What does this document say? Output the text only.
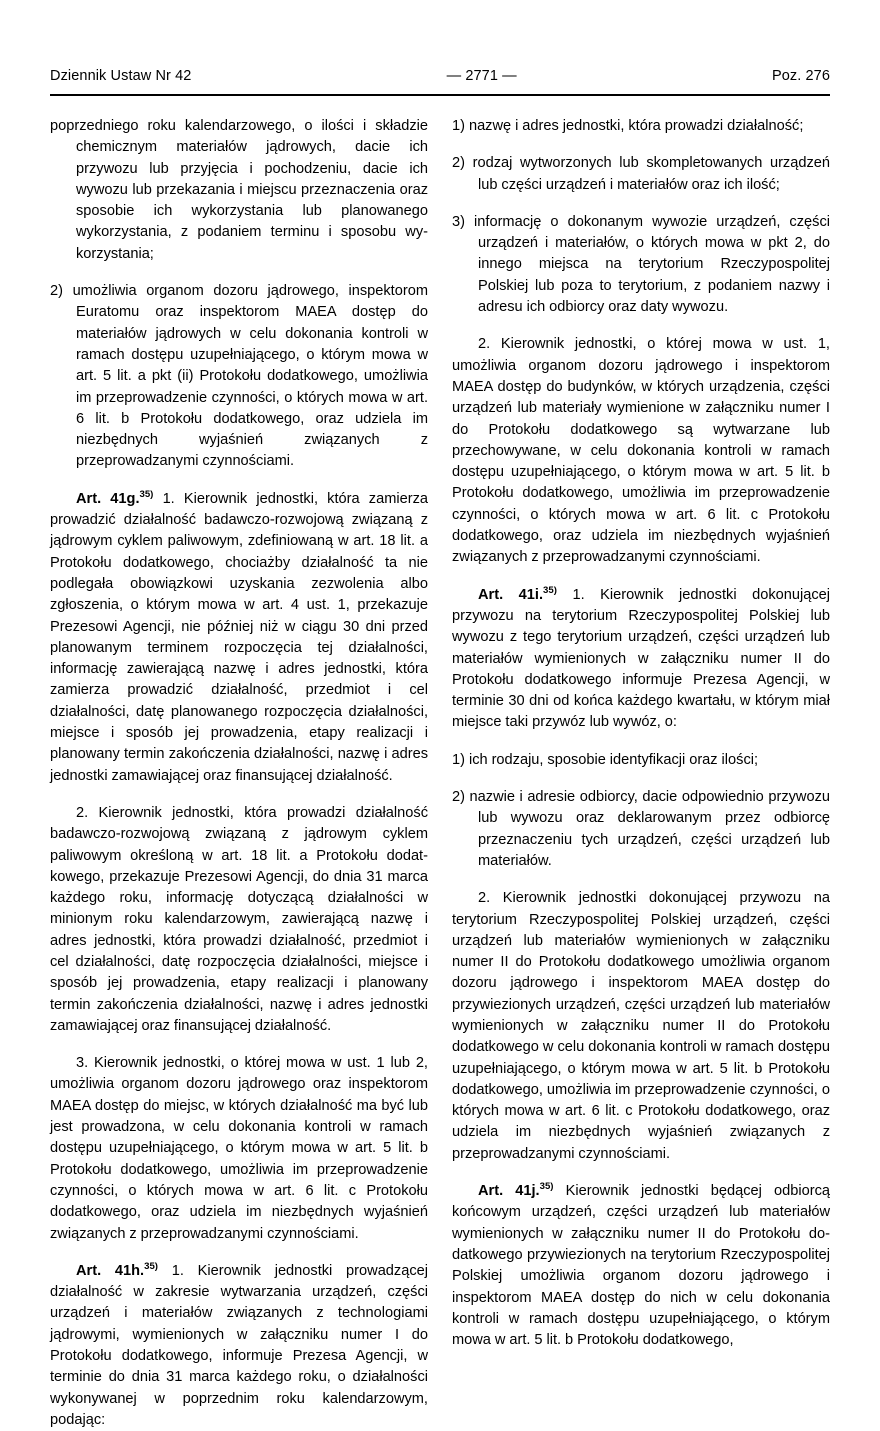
Dziennik Ustaw Nr 42	— 2771 —	Poz. 276

poprzedniego roku kalendarzowego, o ilości i składzie chemicznym materiałów jądrowych, dacie ich przywozu lub przyjęcia i pochodzeniu, dacie ich wywozu lub przekazania i miejscu przeznaczenia oraz sposobie ich wykorzystania lub planowanego wykorzystania, z podaniem terminu i sposobu wykorzystania;

2) umożliwia organom dozoru jądrowego, inspektorom Euratomu oraz inspektorom MAEA dostęp do materiałów jądrowych w celu dokonania kontroli w ramach dostępu uzupełniającego, o którym mowa w art. 5 lit. a pkt (ii) Protokołu dodatkowego, umożliwia im przeprowadzenie czynności, o których mowa w art. 6 lit. b Protokołu dodatkowego, oraz udziela im niezbędnych wyjaśnień związanych z przeprowadzanymi czynnościami.

Art. 41g.$^{35)}$ 1. Kierownik jednostki, która zamierza prowadzić działalność badawczo-rozwojową związaną z jądrowym cyklem paliwowym, zdefiniowaną w art. 18 lit. a Protokołu dodatkowego, chociażby działalność ta nie podlegała obowiązkowi uzyskania zezwolenia albo zgłoszenia, o którym mowa w art. 4 ust. 1, przekazuje Prezesowi Agencji, nie później niż w ciągu 30 dni przed planowanym terminem rozpoczęcia tej działalności, informację zawierającą nazwę i adres jednostki, która zamierza prowadzić działalność, przedmiot i cel działalności, datę planowanego rozpoczęcia działalności, miejsce i sposób jej prowadzenia, etapy realizacji i planowany termin zakończenia działalności, nazwę i adres jednostki zamawiającej oraz finansującej działalność.

2. Kierownik jednostki, która prowadzi działalność badawczo-rozwojową związaną z jądrowym cyklem paliwowym określoną w art. 18 lit. a Protokołu dodatkowego, przekazuje Prezesowi Agencji, do dnia 31 marca każdego roku, informację dotyczącą działalności w minionym roku kalendarzowym, zawierającą nazwę i adres jednostki, która prowadzi działalność, przedmiot i cel działalności, datę rozpoczęcia działalności, miejsce i sposób jej prowadzenia, etapy realizacji i planowany termin zakończenia działalności, nazwę i adres jednostki zamawiającej oraz finansującej działalność.

3. Kierownik jednostki, o której mowa w ust. 1 lub 2, umożliwia organom dozoru jądrowego oraz inspektorom MAEA dostęp do miejsc, w których działalność ma być lub jest prowadzona, w celu dokonania kontroli w ramach dostępu uzupełniającego, o którym mowa w art. 5 lit. b Protokołu dodatkowego, umożliwia im przeprowadzenie czynności, o których mowa w art. 6 lit. c Protokołu dodatkowego, oraz udziela im niezbędnych wyjaśnień związanych z przeprowadzanymi czynnościami.

Art. 41h.$^{35)}$ 1. Kierownik jednostki prowadzącej działalność w zakresie wytwarzania urządzeń, części urządzeń i materiałów związanych z technologiami jądrowymi, wymienionych w załączniku numer I do Protokołu dodatkowego, informuje Prezesa Agencji, w terminie do dnia 31 marca każdego roku, o działalności wykonywanej w poprzednim roku kalendarzowym, podając:

1) nazwę i adres jednostki, która prowadzi działalność;

2) rodzaj wytworzonych lub skompletowanych urządzeń lub części urządzeń i materiałów oraz ich ilość;

3) informację o dokonanym wywozie urządzeń, części urządzeń i materiałów, o których mowa w pkt 2, do innego miejsca na terytorium Rzeczypospolitej Polskiej lub poza to terytorium, z podaniem nazwy i adresu ich odbiorcy oraz daty wywozu.

2. Kierownik jednostki, o której mowa w ust. 1, umożliwia organom dozoru jądrowego i inspektorom MAEA dostęp do budynków, w których urządzenia, części urządzeń lub materiały wymienione w załączniku numer I do Protokołu dodatkowego są wytwarzane lub przechowywane, w celu dokonania kontroli w ramach dostępu uzupełniającego, o którym mowa w art. 5 lit. b Protokołu dodatkowego, umożliwia im przeprowadzenie czynności, o których mowa w art. 6 lit. c Protokołu dodatkowego, oraz udziela im niezbędnych wyjaśnień związanych z przeprowadzanymi czynnościami.

Art. 41i.$^{35)}$ 1. Kierownik jednostki dokonującej przywozu na terytorium Rzeczypospolitej Polskiej lub wywozu z tego terytorium urządzeń, części urządzeń lub materiałów wymienionych w załączniku numer II do Protokołu dodatkowego informuje Prezesa Agencji, w terminie 30 dni od końca każdego kwartału, w którym miał miejsce taki przywóz lub wywóz, o:

1) ich rodzaju, sposobie identyfikacji oraz ilości;

2) nazwie i adresie odbiorcy, dacie odpowiednio przywozu lub wywozu oraz deklarowanym przez odbiorcę przeznaczeniu tych urządzeń, części urządzeń lub materiałów.

2. Kierownik jednostki dokonującej przywozu na terytorium Rzeczypospolitej Polskiej urządzeń, części urządzeń lub materiałów wymienionych w załączniku numer II do Protokołu dodatkowego umożliwia organom dozoru jądrowego i inspektorom MAEA dostęp do przywiezionych urządzeń, części urządzeń lub materiałów wymienionych w załączniku numer II do Protokołu dodatkowego w celu dokonania kontroli w ramach dostępu uzupełniającego, o którym mowa w art. 5 lit. b Protokołu dodatkowego, umożliwia im przeprowadzenie czynności, o których mowa w art. 6 lit. c Protokołu dodatkowego, oraz udziela im niezbędnych wyjaśnień związanych z przeprowadzanymi czynnościami.

Art. 41j.$^{35)}$ Kierownik jednostki będącej odbiorcą końcowym urządzeń, części urządzeń lub materiałów wymienionych w załączniku numer II do Protokołu dodatkowego przywiezionych na terytorium Rzeczypospolitej Polskiej umożliwia organom dozoru jądrowego i inspektorom MAEA dostęp do nich w celu dokonania kontroli w ramach dostępu uzupełniającego, o którym mowa w art. 5 lit. b Protokołu dodatkowego,
